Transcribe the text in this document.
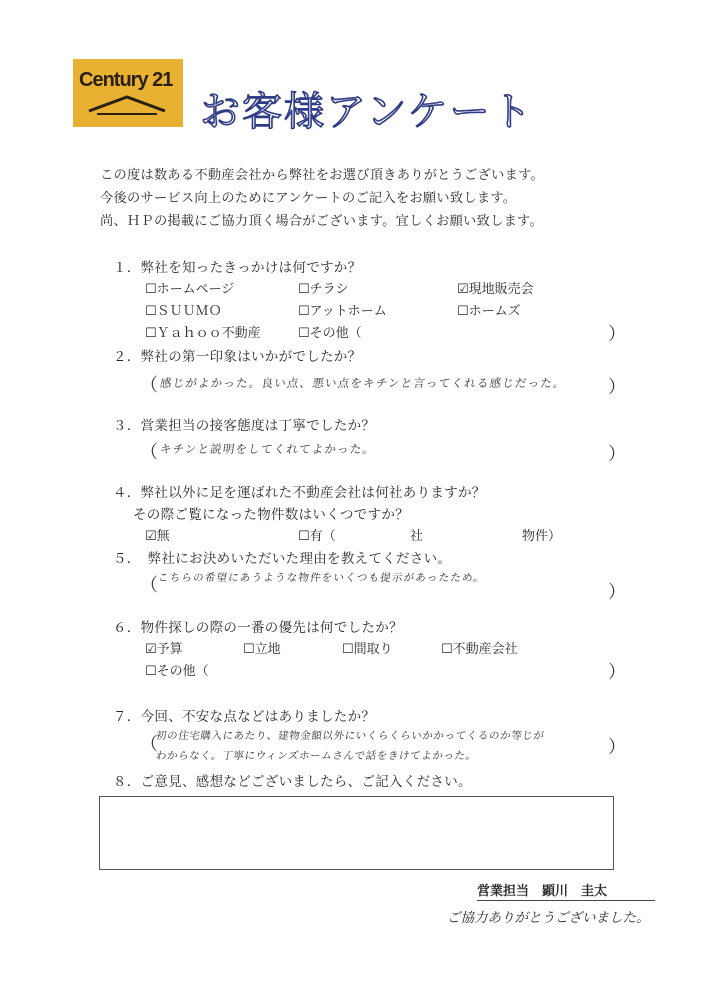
Century 21
お客様アンケート
この度は数ある不動産会社から弊社をお選び頂きありがとうございます。
今後のサービス向上のためにアンケートのご記入をお願い致します。
尚、ＨＰの掲載にご協力頂く場合がございます。宜しくお願い致します。
１．弊社を知ったきっかけは何ですか？
☐ホームページ	☐チラシ	☑現地販売会
☐ＳＵＵＭＯ	☐アットホーム	☐ホームズ
☐Ｙａｈｏｏ不動産	☐その他（	）
２．弊社の第一印象はいかがでしたか？
（ 感じがよかった。良い点、悪い点をキチンと言ってくれる感じだった。 ）
３．営業担当の接客態度は丁寧でしたか？
（ キチンと説明をしてくれてよかった。	）
４．弊社以外に足を運ばれた不動産会社は何社ありますか？
その際ご覧になった物件数はいくつですか？
☑無	☐有（	社	物件）
５．　弊社にお決めいただいた理由を教えてください。
（ こちらの希望にあうような物件をいくつも提示があったため。
）
６．物件探しの際の一番の優先は何でしたか？
☑予算	☐立地	☐間取り	☐不動産会社
☐その他（	）
７．今回、不安な点などはありましたか？
（
初の住宅購入にあたり、建物金額以外にいくらくらいかかってくるのか等じが
わからなく。丁寧にウィンズホームさんで話をきけてよかった。	）
８．ご意見、感想などございましたら、ご記入ください。
営業担当　顕川　圭太
ご協力ありがとうございました。
